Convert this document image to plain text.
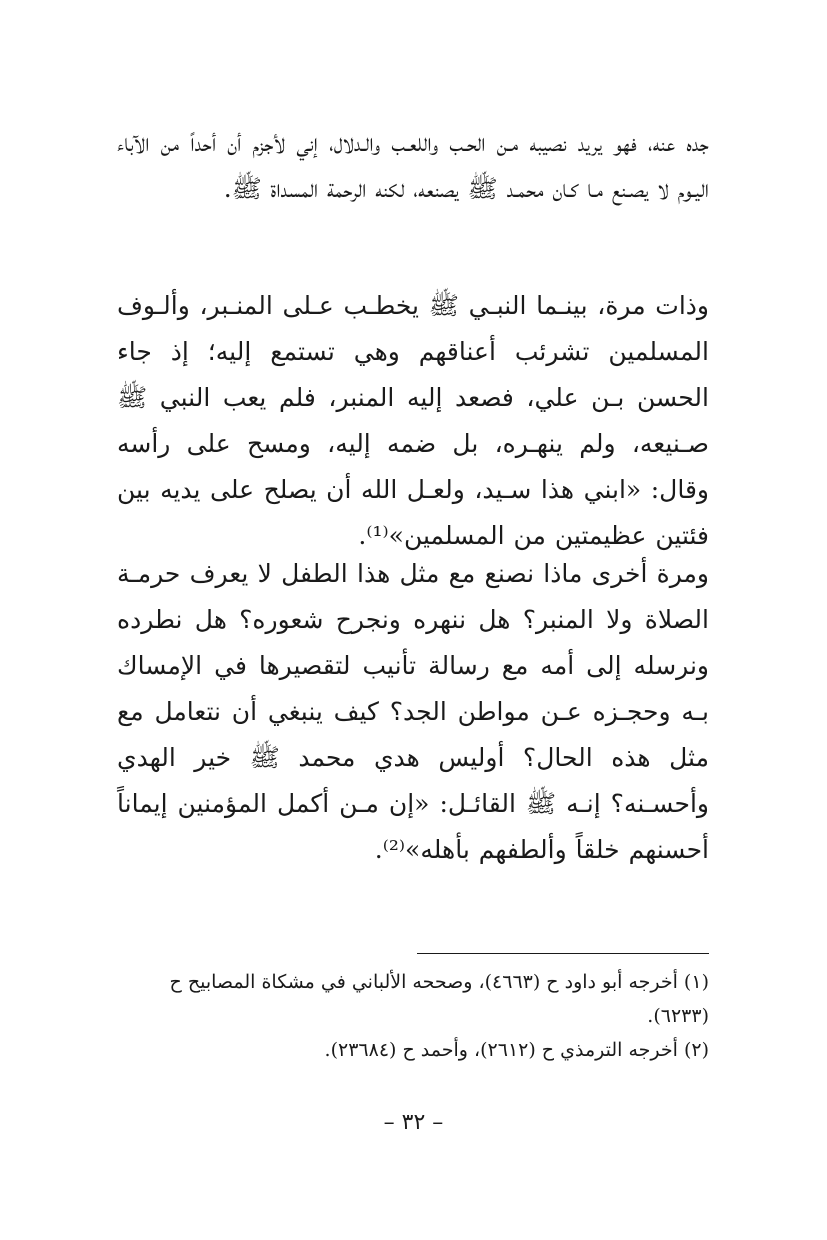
جده عنه، فهو يريد نصيبه مـن الحـب واللعـب والـدلال، إني لأجزم أن أحداً من الآباء اليـوم لا يصـنع مـا كـان محمـد ﷺ يصنعه، لكنه الرحمة المسداة ﷺ.

وذات مرة، بينـما النبـي ﷺ يخطـب عـلى المنـبر، وألـوف المسلمين تشرئب أعناقهم وهي تستمع إليه؛ إذ جاء الحسن بـن علي، فصعد إليه المنبر، فلم يعب النبي ﷺ صـنيعه، ولم ينهـره، بل ضمه إليه، ومسح على رأسه وقال: «ابني هذا سـيد، ولعـل الله أن يصلح على يديه بين فئتين عظيمتين من المسلمين»⁽¹⁾.

ومرة أخرى ماذا نصنع مع مثل هذا الطفل لا يعرف حرمـة الصلاة ولا المنبر؟ هل ننهره ونجرح شعوره؟ هل نطرده ونرسله إلى أمه مع رسالة تأنيب لتقصيرها في الإمساك بـه وحجـزه عـن مواطن الجد؟ كيف ينبغي أن نتعامل مع مثل هذه الحال؟ أوليس هدي محمد ﷺ خير الهدي وأحسـنه؟ إنـه ﷺ القائـل: «إن مـن أكمل المؤمنين إيماناً أحسنهم خلقاً وألطفهم بأهله»⁽²⁾.

(١) أخرجه أبو داود ح (٤٦٦٣)، وصححه الألباني في مشكاة المصابيح ح (٦٢٣٣).

(٢) أخرجه الترمذي ح (٢٦١٢)، وأحمد ح (٢٣٦٨٤).

– ٣٢ –
